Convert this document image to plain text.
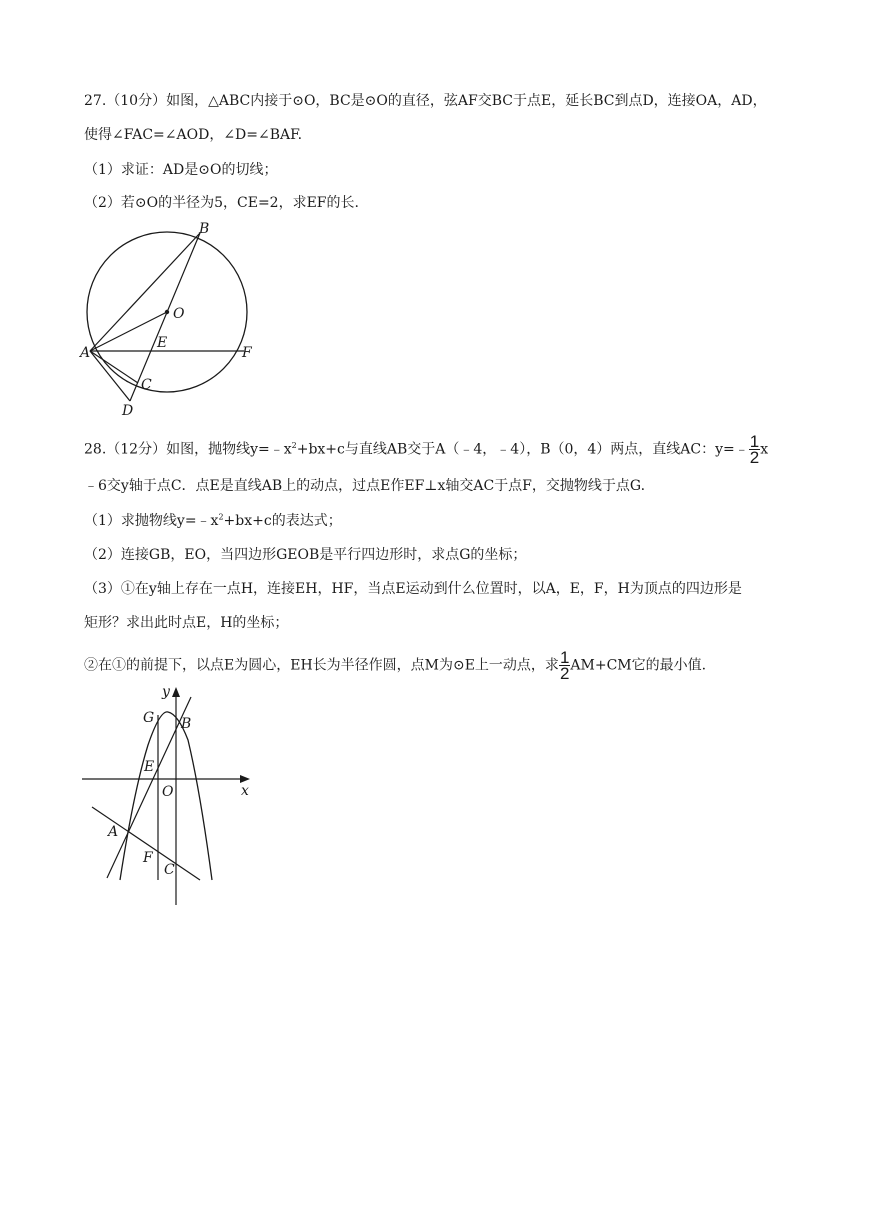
27.（10分）如图，△ABC内接于⊙O，BC是⊙O的直径，弦AF交BC于点E，延长BC到点D，连接OA，AD，
使得∠FAC=∠AOD，∠D=∠BAF.
（1）求证：AD是⊙O的切线；
（2）若⊙O的半径为5，CE=2，求EF的长.
B
O
A
E
F
C
D
28.（12分）如图，抛物线$y=﹣x^2+bx+c$与直线AB交于A（﹣4，﹣4），B（0，4）两点，直线AC：y=﹣ $\frac{1}{2}$ x
﹣6交y轴于点C．点E是直线AB上的动点，过点E作EF⊥x轴交AC于点F，交抛物线于点G.
（1）求抛物线$y=﹣x^2+bx+c$的表达式；
（2）连接GB，EO，当四边形GEOB是平行四边形时，求点G的坐标；
（3）①在y轴上存在一点H，连接EH，HF，当点E运动到什么位置时，以A，E，F，H为顶点的四边形是
矩形？求出此时点E，H的坐标；
②在①的前提下，以点E为圆心，EH长为半径作圆，点M为⊙E上一动点，求 $\frac{1}{2} AM+CM$它的最小值.
y
x
G B
E
O
A
F
C
